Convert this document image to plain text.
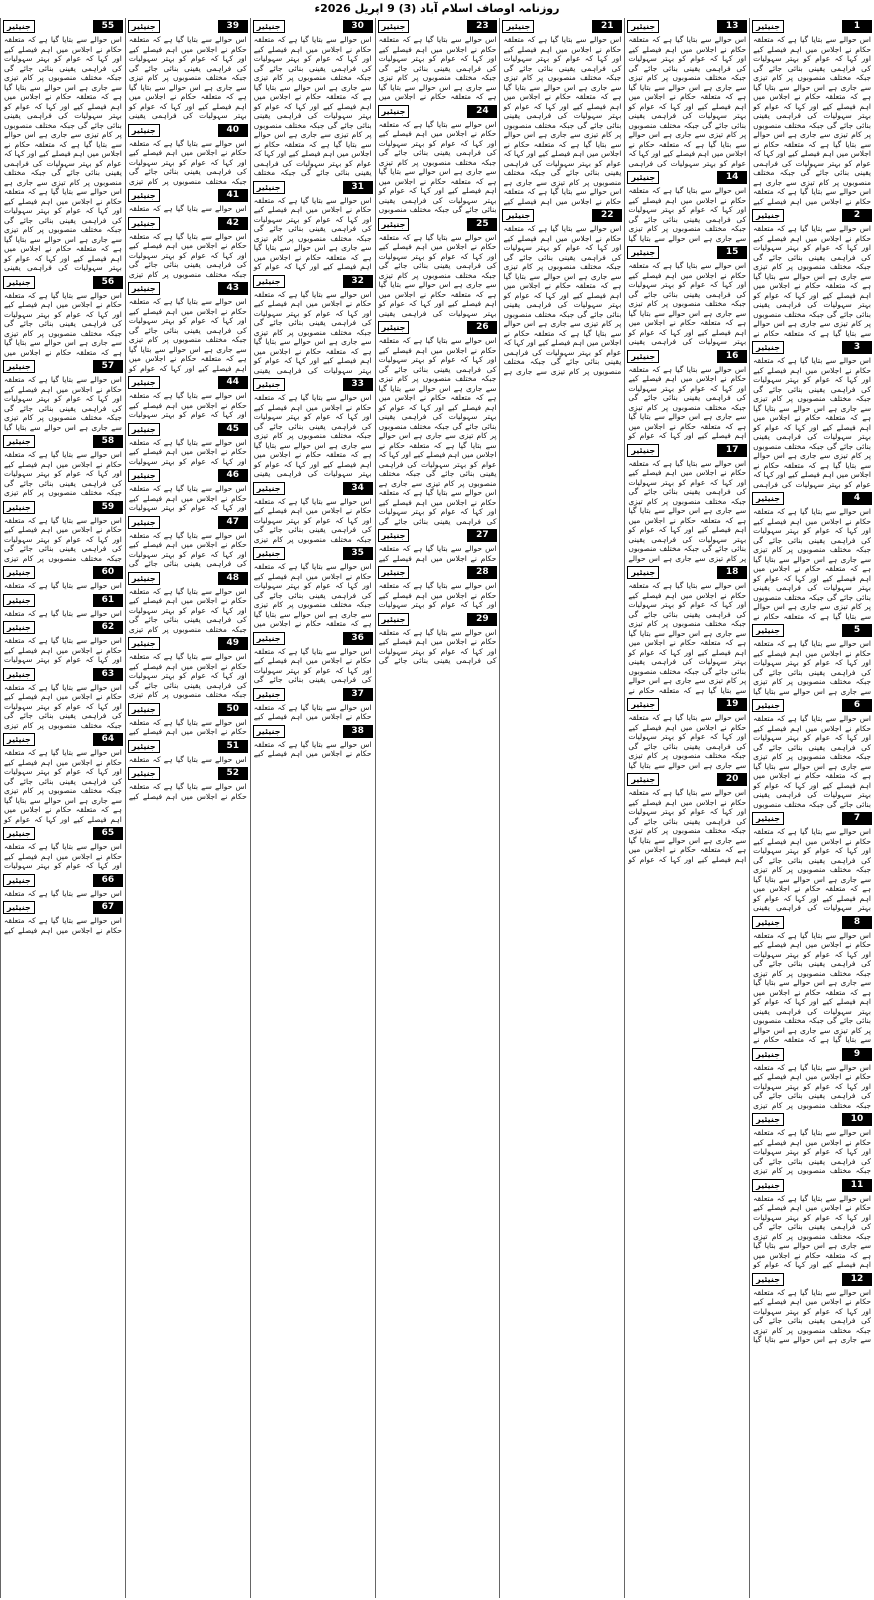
روزنامہ اوصاف اسلام آباد (3) 9 اپریل 2026ء
جنیئیر	1
اس حوالے سے بتایا گیا ہے کہ متعلقہ حکام نے اجلاس میں اہم فیصلے کیے اور کہا کہ عوام کو بہتر سہولیات کی فراہمی یقینی بنائی جائے گی جبکہ مختلف منصوبوں پر کام تیزی سے جاری ہے اس حوالے سے بتایا گیا ہے کہ متعلقہ حکام نے اجلاس میں اہم فیصلے کیے اور کہا کہ عوام کو بہتر سہولیات کی فراہمی یقینی بنائی جائے گی جبکہ مختلف منصوبوں پر کام تیزی سے جاری ہے اس حوالے سے بتایا گیا ہے کہ متعلقہ حکام نے اجلاس میں اہم فیصلے کیے اور کہا کہ عوام کو بہتر سہولیات کی فراہمی یقینی بنائی جائے گی جبکہ مختلف منصوبوں پر کام تیزی سے جاری ہے اس حوالے سے بتایا گیا ہے کہ متعلقہ حکام نے اجلاس میں اہم فیصلے کیے
جنیئیر	2
اس حوالے سے بتایا گیا ہے کہ متعلقہ حکام نے اجلاس میں اہم فیصلے کیے اور کہا کہ عوام کو بہتر سہولیات کی فراہمی یقینی بنائی جائے گی جبکہ مختلف منصوبوں پر کام تیزی سے جاری ہے اس حوالے سے بتایا گیا ہے کہ متعلقہ حکام نے اجلاس میں اہم فیصلے کیے اور کہا کہ عوام کو بہتر سہولیات کی فراہمی یقینی بنائی جائے گی جبکہ مختلف منصوبوں پر کام تیزی سے جاری ہے اس حوالے سے بتایا گیا ہے کہ متعلقہ حکام نے
جنیئیر	3
اس حوالے سے بتایا گیا ہے کہ متعلقہ حکام نے اجلاس میں اہم فیصلے کیے اور کہا کہ عوام کو بہتر سہولیات کی فراہمی یقینی بنائی جائے گی جبکہ مختلف منصوبوں پر کام تیزی سے جاری ہے اس حوالے سے بتایا گیا ہے کہ متعلقہ حکام نے اجلاس میں اہم فیصلے کیے اور کہا کہ عوام کو بہتر سہولیات کی فراہمی یقینی بنائی جائے گی جبکہ مختلف منصوبوں پر کام تیزی سے جاری ہے اس حوالے سے بتایا گیا ہے کہ متعلقہ حکام نے اجلاس میں اہم فیصلے کیے اور کہا کہ عوام کو بہتر سہولیات کی فراہمی
جنیئیر	4
اس حوالے سے بتایا گیا ہے کہ متعلقہ حکام نے اجلاس میں اہم فیصلے کیے اور کہا کہ عوام کو بہتر سہولیات کی فراہمی یقینی بنائی جائے گی جبکہ مختلف منصوبوں پر کام تیزی سے جاری ہے اس حوالے سے بتایا گیا ہے کہ متعلقہ حکام نے اجلاس میں اہم فیصلے کیے اور کہا کہ عوام کو بہتر سہولیات کی فراہمی یقینی بنائی جائے گی جبکہ مختلف منصوبوں پر کام تیزی سے جاری ہے اس حوالے سے بتایا گیا ہے کہ متعلقہ حکام نے
جنیئیر	5
اس حوالے سے بتایا گیا ہے کہ متعلقہ حکام نے اجلاس میں اہم فیصلے کیے اور کہا کہ عوام کو بہتر سہولیات کی فراہمی یقینی بنائی جائے گی جبکہ مختلف منصوبوں پر کام تیزی سے جاری ہے اس حوالے سے بتایا گیا
جنیئیر	6
اس حوالے سے بتایا گیا ہے کہ متعلقہ حکام نے اجلاس میں اہم فیصلے کیے اور کہا کہ عوام کو بہتر سہولیات کی فراہمی یقینی بنائی جائے گی جبکہ مختلف منصوبوں پر کام تیزی سے جاری ہے اس حوالے سے بتایا گیا ہے کہ متعلقہ حکام نے اجلاس میں اہم فیصلے کیے اور کہا کہ عوام کو بہتر سہولیات کی فراہمی یقینی بنائی جائے گی جبکہ مختلف منصوبوں
جنیئیر	7
اس حوالے سے بتایا گیا ہے کہ متعلقہ حکام نے اجلاس میں اہم فیصلے کیے اور کہا کہ عوام کو بہتر سہولیات کی فراہمی یقینی بنائی جائے گی جبکہ مختلف منصوبوں پر کام تیزی سے جاری ہے اس حوالے سے بتایا گیا ہے کہ متعلقہ حکام نے اجلاس میں اہم فیصلے کیے اور کہا کہ عوام کو بہتر سہولیات کی فراہمی یقینی
جنیئیر	8
اس حوالے سے بتایا گیا ہے کہ متعلقہ حکام نے اجلاس میں اہم فیصلے کیے اور کہا کہ عوام کو بہتر سہولیات کی فراہمی یقینی بنائی جائے گی جبکہ مختلف منصوبوں پر کام تیزی سے جاری ہے اس حوالے سے بتایا گیا ہے کہ متعلقہ حکام نے اجلاس میں اہم فیصلے کیے اور کہا کہ عوام کو بہتر سہولیات کی فراہمی یقینی بنائی جائے گی جبکہ مختلف منصوبوں پر کام تیزی سے جاری ہے اس حوالے سے بتایا گیا ہے کہ متعلقہ حکام نے
جنیئیر	9
اس حوالے سے بتایا گیا ہے کہ متعلقہ حکام نے اجلاس میں اہم فیصلے کیے اور کہا کہ عوام کو بہتر سہولیات کی فراہمی یقینی بنائی جائے گی جبکہ مختلف منصوبوں پر کام تیزی
جنیئیر	10
اس حوالے سے بتایا گیا ہے کہ متعلقہ حکام نے اجلاس میں اہم فیصلے کیے اور کہا کہ عوام کو بہتر سہولیات کی فراہمی یقینی بنائی جائے گی جبکہ مختلف منصوبوں پر کام تیزی
جنیئیر	11
اس حوالے سے بتایا گیا ہے کہ متعلقہ حکام نے اجلاس میں اہم فیصلے کیے اور کہا کہ عوام کو بہتر سہولیات کی فراہمی یقینی بنائی جائے گی جبکہ مختلف منصوبوں پر کام تیزی سے جاری ہے اس حوالے سے بتایا گیا ہے کہ متعلقہ حکام نے اجلاس میں اہم فیصلے کیے اور کہا کہ عوام کو
جنیئیر	12
اس حوالے سے بتایا گیا ہے کہ متعلقہ حکام نے اجلاس میں اہم فیصلے کیے اور کہا کہ عوام کو بہتر سہولیات کی فراہمی یقینی بنائی جائے گی جبکہ مختلف منصوبوں پر کام تیزی سے جاری ہے اس حوالے سے بتایا گیا
جنیئیر	13
اس حوالے سے بتایا گیا ہے کہ متعلقہ حکام نے اجلاس میں اہم فیصلے کیے اور کہا کہ عوام کو بہتر سہولیات کی فراہمی یقینی بنائی جائے گی جبکہ مختلف منصوبوں پر کام تیزی سے جاری ہے اس حوالے سے بتایا گیا ہے کہ متعلقہ حکام نے اجلاس میں اہم فیصلے کیے اور کہا کہ عوام کو بہتر سہولیات کی فراہمی یقینی بنائی جائے گی جبکہ مختلف منصوبوں پر کام تیزی سے جاری ہے اس حوالے سے بتایا گیا ہے کہ متعلقہ حکام نے اجلاس میں اہم فیصلے کیے اور کہا کہ عوام کو بہتر سہولیات کی فراہمی
جنیئیر	14
اس حوالے سے بتایا گیا ہے کہ متعلقہ حکام نے اجلاس میں اہم فیصلے کیے اور کہا کہ عوام کو بہتر سہولیات کی فراہمی یقینی بنائی جائے گی جبکہ مختلف منصوبوں پر کام تیزی سے جاری ہے اس حوالے سے بتایا گیا
جنیئیر	15
اس حوالے سے بتایا گیا ہے کہ متعلقہ حکام نے اجلاس میں اہم فیصلے کیے اور کہا کہ عوام کو بہتر سہولیات کی فراہمی یقینی بنائی جائے گی جبکہ مختلف منصوبوں پر کام تیزی سے جاری ہے اس حوالے سے بتایا گیا ہے کہ متعلقہ حکام نے اجلاس میں اہم فیصلے کیے اور کہا کہ عوام کو بہتر سہولیات کی فراہمی یقینی
جنیئیر	16
اس حوالے سے بتایا گیا ہے کہ متعلقہ حکام نے اجلاس میں اہم فیصلے کیے اور کہا کہ عوام کو بہتر سہولیات کی فراہمی یقینی بنائی جائے گی جبکہ مختلف منصوبوں پر کام تیزی سے جاری ہے اس حوالے سے بتایا گیا ہے کہ متعلقہ حکام نے اجلاس میں اہم فیصلے کیے اور کہا کہ عوام کو
جنیئیر	17
اس حوالے سے بتایا گیا ہے کہ متعلقہ حکام نے اجلاس میں اہم فیصلے کیے اور کہا کہ عوام کو بہتر سہولیات کی فراہمی یقینی بنائی جائے گی جبکہ مختلف منصوبوں پر کام تیزی سے جاری ہے اس حوالے سے بتایا گیا ہے کہ متعلقہ حکام نے اجلاس میں اہم فیصلے کیے اور کہا کہ عوام کو بہتر سہولیات کی فراہمی یقینی بنائی جائے گی جبکہ مختلف منصوبوں پر کام تیزی سے جاری ہے اس حوالے
جنیئیر	18
اس حوالے سے بتایا گیا ہے کہ متعلقہ حکام نے اجلاس میں اہم فیصلے کیے اور کہا کہ عوام کو بہتر سہولیات کی فراہمی یقینی بنائی جائے گی جبکہ مختلف منصوبوں پر کام تیزی سے جاری ہے اس حوالے سے بتایا گیا ہے کہ متعلقہ حکام نے اجلاس میں اہم فیصلے کیے اور کہا کہ عوام کو بہتر سہولیات کی فراہمی یقینی بنائی جائے گی جبکہ مختلف منصوبوں پر کام تیزی سے جاری ہے اس حوالے سے بتایا گیا ہے کہ متعلقہ حکام نے
جنیئیر	19
اس حوالے سے بتایا گیا ہے کہ متعلقہ حکام نے اجلاس میں اہم فیصلے کیے اور کہا کہ عوام کو بہتر سہولیات کی فراہمی یقینی بنائی جائے گی جبکہ مختلف منصوبوں پر کام تیزی سے جاری ہے اس حوالے سے بتایا گیا
جنیئیر	20
اس حوالے سے بتایا گیا ہے کہ متعلقہ حکام نے اجلاس میں اہم فیصلے کیے اور کہا کہ عوام کو بہتر سہولیات کی فراہمی یقینی بنائی جائے گی جبکہ مختلف منصوبوں پر کام تیزی سے جاری ہے اس حوالے سے بتایا گیا ہے کہ متعلقہ حکام نے اجلاس میں اہم فیصلے کیے اور کہا کہ عوام کو
جنیئیر	21
اس حوالے سے بتایا گیا ہے کہ متعلقہ حکام نے اجلاس میں اہم فیصلے کیے اور کہا کہ عوام کو بہتر سہولیات کی فراہمی یقینی بنائی جائے گی جبکہ مختلف منصوبوں پر کام تیزی سے جاری ہے اس حوالے سے بتایا گیا ہے کہ متعلقہ حکام نے اجلاس میں اہم فیصلے کیے اور کہا کہ عوام کو بہتر سہولیات کی فراہمی یقینی بنائی جائے گی جبکہ مختلف منصوبوں پر کام تیزی سے جاری ہے اس حوالے سے بتایا گیا ہے کہ متعلقہ حکام نے اجلاس میں اہم فیصلے کیے اور کہا کہ عوام کو بہتر سہولیات کی فراہمی یقینی بنائی جائے گی جبکہ مختلف منصوبوں پر کام تیزی سے جاری ہے اس حوالے سے بتایا گیا ہے کہ متعلقہ حکام نے اجلاس میں اہم فیصلے کیے
جنیئیر	22
اس حوالے سے بتایا گیا ہے کہ متعلقہ حکام نے اجلاس میں اہم فیصلے کیے اور کہا کہ عوام کو بہتر سہولیات کی فراہمی یقینی بنائی جائے گی جبکہ مختلف منصوبوں پر کام تیزی سے جاری ہے اس حوالے سے بتایا گیا ہے کہ متعلقہ حکام نے اجلاس میں اہم فیصلے کیے اور کہا کہ عوام کو بہتر سہولیات کی فراہمی یقینی بنائی جائے گی جبکہ مختلف منصوبوں پر کام تیزی سے جاری ہے اس حوالے سے بتایا گیا ہے کہ متعلقہ حکام نے اجلاس میں اہم فیصلے کیے اور کہا کہ عوام کو بہتر سہولیات کی فراہمی یقینی بنائی جائے گی جبکہ مختلف منصوبوں پر کام تیزی سے جاری ہے
جنیئیر	23
اس حوالے سے بتایا گیا ہے کہ متعلقہ حکام نے اجلاس میں اہم فیصلے کیے اور کہا کہ عوام کو بہتر سہولیات کی فراہمی یقینی بنائی جائے گی جبکہ مختلف منصوبوں پر کام تیزی سے جاری ہے اس حوالے سے بتایا گیا ہے کہ متعلقہ حکام نے اجلاس میں
جنیئیر	24
اس حوالے سے بتایا گیا ہے کہ متعلقہ حکام نے اجلاس میں اہم فیصلے کیے اور کہا کہ عوام کو بہتر سہولیات کی فراہمی یقینی بنائی جائے گی جبکہ مختلف منصوبوں پر کام تیزی سے جاری ہے اس حوالے سے بتایا گیا ہے کہ متعلقہ حکام نے اجلاس میں اہم فیصلے کیے اور کہا کہ عوام کو بہتر سہولیات کی فراہمی یقینی بنائی جائے گی جبکہ مختلف منصوبوں
جنیئیر	25
اس حوالے سے بتایا گیا ہے کہ متعلقہ حکام نے اجلاس میں اہم فیصلے کیے اور کہا کہ عوام کو بہتر سہولیات کی فراہمی یقینی بنائی جائے گی جبکہ مختلف منصوبوں پر کام تیزی سے جاری ہے اس حوالے سے بتایا گیا ہے کہ متعلقہ حکام نے اجلاس میں اہم فیصلے کیے اور کہا کہ عوام کو بہتر سہولیات کی فراہمی یقینی
جنیئیر	26
اس حوالے سے بتایا گیا ہے کہ متعلقہ حکام نے اجلاس میں اہم فیصلے کیے اور کہا کہ عوام کو بہتر سہولیات کی فراہمی یقینی بنائی جائے گی جبکہ مختلف منصوبوں پر کام تیزی سے جاری ہے اس حوالے سے بتایا گیا ہے کہ متعلقہ حکام نے اجلاس میں اہم فیصلے کیے اور کہا کہ عوام کو بہتر سہولیات کی فراہمی یقینی بنائی جائے گی جبکہ مختلف منصوبوں پر کام تیزی سے جاری ہے اس حوالے سے بتایا گیا ہے کہ متعلقہ حکام نے اجلاس میں اہم فیصلے کیے اور کہا کہ عوام کو بہتر سہولیات کی فراہمی یقینی بنائی جائے گی جبکہ مختلف منصوبوں پر کام تیزی سے جاری ہے اس حوالے سے بتایا گیا ہے کہ متعلقہ حکام نے اجلاس میں اہم فیصلے کیے اور کہا کہ عوام کو بہتر سہولیات کی فراہمی یقینی بنائی جائے گی
جنیئیر	27
اس حوالے سے بتایا گیا ہے کہ متعلقہ حکام نے اجلاس میں اہم فیصلے کیے
جنیئیر	28
اس حوالے سے بتایا گیا ہے کہ متعلقہ حکام نے اجلاس میں اہم فیصلے کیے اور کہا کہ عوام کو بہتر سہولیات
جنیئیر	29
اس حوالے سے بتایا گیا ہے کہ متعلقہ حکام نے اجلاس میں اہم فیصلے کیے اور کہا کہ عوام کو بہتر سہولیات کی فراہمی یقینی بنائی جائے گی
جنیئیر	30
اس حوالے سے بتایا گیا ہے کہ متعلقہ حکام نے اجلاس میں اہم فیصلے کیے اور کہا کہ عوام کو بہتر سہولیات کی فراہمی یقینی بنائی جائے گی جبکہ مختلف منصوبوں پر کام تیزی سے جاری ہے اس حوالے سے بتایا گیا ہے کہ متعلقہ حکام نے اجلاس میں اہم فیصلے کیے اور کہا کہ عوام کو بہتر سہولیات کی فراہمی یقینی بنائی جائے گی جبکہ مختلف منصوبوں پر کام تیزی سے جاری ہے اس حوالے سے بتایا گیا ہے کہ متعلقہ حکام نے اجلاس میں اہم فیصلے کیے اور کہا کہ عوام کو بہتر سہولیات کی فراہمی یقینی بنائی جائے گی جبکہ مختلف
جنیئیر	31
اس حوالے سے بتایا گیا ہے کہ متعلقہ حکام نے اجلاس میں اہم فیصلے کیے اور کہا کہ عوام کو بہتر سہولیات کی فراہمی یقینی بنائی جائے گی جبکہ مختلف منصوبوں پر کام تیزی سے جاری ہے اس حوالے سے بتایا گیا ہے کہ متعلقہ حکام نے اجلاس میں اہم فیصلے کیے اور کہا کہ عوام کو
جنیئیر	32
اس حوالے سے بتایا گیا ہے کہ متعلقہ حکام نے اجلاس میں اہم فیصلے کیے اور کہا کہ عوام کو بہتر سہولیات کی فراہمی یقینی بنائی جائے گی جبکہ مختلف منصوبوں پر کام تیزی سے جاری ہے اس حوالے سے بتایا گیا ہے کہ متعلقہ حکام نے اجلاس میں اہم فیصلے کیے اور کہا کہ عوام کو بہتر سہولیات کی فراہمی یقینی
جنیئیر	33
اس حوالے سے بتایا گیا ہے کہ متعلقہ حکام نے اجلاس میں اہم فیصلے کیے اور کہا کہ عوام کو بہتر سہولیات کی فراہمی یقینی بنائی جائے گی جبکہ مختلف منصوبوں پر کام تیزی سے جاری ہے اس حوالے سے بتایا گیا ہے کہ متعلقہ حکام نے اجلاس میں اہم فیصلے کیے اور کہا کہ عوام کو بہتر سہولیات کی فراہمی یقینی
جنیئیر	34
اس حوالے سے بتایا گیا ہے کہ متعلقہ حکام نے اجلاس میں اہم فیصلے کیے اور کہا کہ عوام کو بہتر سہولیات کی فراہمی یقینی بنائی جائے گی جبکہ مختلف منصوبوں پر کام تیزی
جنیئیر	35
اس حوالے سے بتایا گیا ہے کہ متعلقہ حکام نے اجلاس میں اہم فیصلے کیے اور کہا کہ عوام کو بہتر سہولیات کی فراہمی یقینی بنائی جائے گی جبکہ مختلف منصوبوں پر کام تیزی سے جاری ہے اس حوالے سے بتایا گیا ہے کہ متعلقہ حکام نے اجلاس میں
جنیئیر	36
اس حوالے سے بتایا گیا ہے کہ متعلقہ حکام نے اجلاس میں اہم فیصلے کیے اور کہا کہ عوام کو بہتر سہولیات کی فراہمی یقینی بنائی جائے گی
جنیئیر	37
اس حوالے سے بتایا گیا ہے کہ متعلقہ حکام نے اجلاس میں اہم فیصلے کیے
جنیئیر	38
اس حوالے سے بتایا گیا ہے کہ متعلقہ حکام نے اجلاس میں اہم فیصلے کیے
جنیئیر	39
اس حوالے سے بتایا گیا ہے کہ متعلقہ حکام نے اجلاس میں اہم فیصلے کیے اور کہا کہ عوام کو بہتر سہولیات کی فراہمی یقینی بنائی جائے گی جبکہ مختلف منصوبوں پر کام تیزی سے جاری ہے اس حوالے سے بتایا گیا ہے کہ متعلقہ حکام نے اجلاس میں اہم فیصلے کیے اور کہا کہ عوام کو بہتر سہولیات کی فراہمی یقینی
جنیئیر	40
اس حوالے سے بتایا گیا ہے کہ متعلقہ حکام نے اجلاس میں اہم فیصلے کیے اور کہا کہ عوام کو بہتر سہولیات کی فراہمی یقینی بنائی جائے گی جبکہ مختلف منصوبوں پر کام تیزی
جنیئیر	41
اس حوالے سے بتایا گیا ہے کہ متعلقہ
جنیئیر	42
اس حوالے سے بتایا گیا ہے کہ متعلقہ حکام نے اجلاس میں اہم فیصلے کیے اور کہا کہ عوام کو بہتر سہولیات کی فراہمی یقینی بنائی جائے گی جبکہ مختلف منصوبوں پر کام تیزی
جنیئیر	43
اس حوالے سے بتایا گیا ہے کہ متعلقہ حکام نے اجلاس میں اہم فیصلے کیے اور کہا کہ عوام کو بہتر سہولیات کی فراہمی یقینی بنائی جائے گی جبکہ مختلف منصوبوں پر کام تیزی سے جاری ہے اس حوالے سے بتایا گیا ہے کہ متعلقہ حکام نے اجلاس میں اہم فیصلے کیے اور کہا کہ عوام کو
جنیئیر	44
اس حوالے سے بتایا گیا ہے کہ متعلقہ حکام نے اجلاس میں اہم فیصلے کیے اور کہا کہ عوام کو بہتر سہولیات
جنیئیر	45
اس حوالے سے بتایا گیا ہے کہ متعلقہ حکام نے اجلاس میں اہم فیصلے کیے اور کہا کہ عوام کو بہتر سہولیات
جنیئیر	46
اس حوالے سے بتایا گیا ہے کہ متعلقہ حکام نے اجلاس میں اہم فیصلے کیے اور کہا کہ عوام کو بہتر سہولیات
جنیئیر	47
اس حوالے سے بتایا گیا ہے کہ متعلقہ حکام نے اجلاس میں اہم فیصلے کیے اور کہا کہ عوام کو بہتر سہولیات کی فراہمی یقینی بنائی جائے گی
جنیئیر	48
اس حوالے سے بتایا گیا ہے کہ متعلقہ حکام نے اجلاس میں اہم فیصلے کیے اور کہا کہ عوام کو بہتر سہولیات کی فراہمی یقینی بنائی جائے گی جبکہ مختلف منصوبوں پر کام تیزی
جنیئیر	49
اس حوالے سے بتایا گیا ہے کہ متعلقہ حکام نے اجلاس میں اہم فیصلے کیے اور کہا کہ عوام کو بہتر سہولیات کی فراہمی یقینی بنائی جائے گی جبکہ مختلف منصوبوں پر کام تیزی
جنیئیر	50
اس حوالے سے بتایا گیا ہے کہ متعلقہ حکام نے اجلاس میں اہم فیصلے کیے
جنیئیر	51
اس حوالے سے بتایا گیا ہے کہ متعلقہ
جنیئیر	52
اس حوالے سے بتایا گیا ہے کہ متعلقہ حکام نے اجلاس میں اہم فیصلے کیے
جنیئیر	55
اس حوالے سے بتایا گیا ہے کہ متعلقہ حکام نے اجلاس میں اہم فیصلے کیے اور کہا کہ عوام کو بہتر سہولیات کی فراہمی یقینی بنائی جائے گی جبکہ مختلف منصوبوں پر کام تیزی سے جاری ہے اس حوالے سے بتایا گیا ہے کہ متعلقہ حکام نے اجلاس میں اہم فیصلے کیے اور کہا کہ عوام کو بہتر سہولیات کی فراہمی یقینی بنائی جائے گی جبکہ مختلف منصوبوں پر کام تیزی سے جاری ہے اس حوالے سے بتایا گیا ہے کہ متعلقہ حکام نے اجلاس میں اہم فیصلے کیے اور کہا کہ عوام کو بہتر سہولیات کی فراہمی یقینی بنائی جائے گی جبکہ مختلف منصوبوں پر کام تیزی سے جاری ہے اس حوالے سے بتایا گیا ہے کہ متعلقہ حکام نے اجلاس میں اہم فیصلے کیے اور کہا کہ عوام کو بہتر سہولیات کی فراہمی یقینی بنائی جائے گی جبکہ مختلف منصوبوں پر کام تیزی سے جاری ہے اس حوالے سے بتایا گیا ہے کہ متعلقہ حکام نے اجلاس میں اہم فیصلے کیے اور کہا کہ عوام کو بہتر سہولیات کی فراہمی یقینی
جنیئیر	56
اس حوالے سے بتایا گیا ہے کہ متعلقہ حکام نے اجلاس میں اہم فیصلے کیے اور کہا کہ عوام کو بہتر سہولیات کی فراہمی یقینی بنائی جائے گی جبکہ مختلف منصوبوں پر کام تیزی سے جاری ہے اس حوالے سے بتایا گیا ہے کہ متعلقہ حکام نے اجلاس میں
جنیئیر	57
اس حوالے سے بتایا گیا ہے کہ متعلقہ حکام نے اجلاس میں اہم فیصلے کیے اور کہا کہ عوام کو بہتر سہولیات کی فراہمی یقینی بنائی جائے گی جبکہ مختلف منصوبوں پر کام تیزی سے جاری ہے اس حوالے سے بتایا گیا
جنیئیر	58
اس حوالے سے بتایا گیا ہے کہ متعلقہ حکام نے اجلاس میں اہم فیصلے کیے اور کہا کہ عوام کو بہتر سہولیات کی فراہمی یقینی بنائی جائے گی جبکہ مختلف منصوبوں پر کام تیزی
جنیئیر	59
اس حوالے سے بتایا گیا ہے کہ متعلقہ حکام نے اجلاس میں اہم فیصلے کیے اور کہا کہ عوام کو بہتر سہولیات کی فراہمی یقینی بنائی جائے گی جبکہ مختلف منصوبوں پر کام تیزی
جنیئیر	60
اس حوالے سے بتایا گیا ہے کہ متعلقہ
جنیئیر	61
اس حوالے سے بتایا گیا ہے کہ متعلقہ
جنیئیر	62
اس حوالے سے بتایا گیا ہے کہ متعلقہ حکام نے اجلاس میں اہم فیصلے کیے اور کہا کہ عوام کو بہتر سہولیات
جنیئیر	63
اس حوالے سے بتایا گیا ہے کہ متعلقہ حکام نے اجلاس میں اہم فیصلے کیے اور کہا کہ عوام کو بہتر سہولیات کی فراہمی یقینی بنائی جائے گی جبکہ مختلف منصوبوں پر کام تیزی
جنیئیر	64
اس حوالے سے بتایا گیا ہے کہ متعلقہ حکام نے اجلاس میں اہم فیصلے کیے اور کہا کہ عوام کو بہتر سہولیات کی فراہمی یقینی بنائی جائے گی جبکہ مختلف منصوبوں پر کام تیزی سے جاری ہے اس حوالے سے بتایا گیا ہے کہ متعلقہ حکام نے اجلاس میں اہم فیصلے کیے اور کہا کہ عوام کو
جنیئیر	65
اس حوالے سے بتایا گیا ہے کہ متعلقہ حکام نے اجلاس میں اہم فیصلے کیے اور کہا کہ عوام کو بہتر سہولیات
جنیئیر	66
اس حوالے سے بتایا گیا ہے کہ متعلقہ
جنیئیر	67
اس حوالے سے بتایا گیا ہے کہ متعلقہ حکام نے اجلاس میں اہم فیصلے کیے
